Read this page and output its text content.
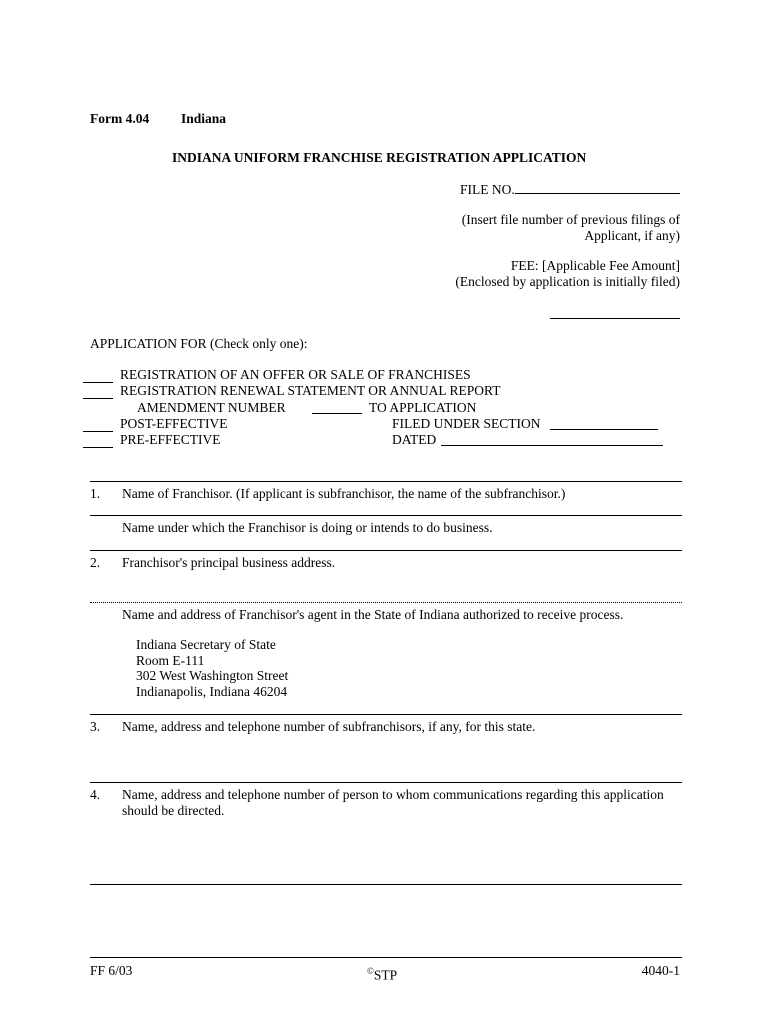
Form 4.04 Indiana
INDIANA UNIFORM FRANCHISE REGISTRATION APPLICATION
FILE NO.
(Insert file number of previous filings of
Applicant, if any)
FEE: [Applicable Fee Amount]
(Enclosed by application is initially filed)
APPLICATION FOR (Check only one):
REGISTRATION OF AN OFFER OR SALE OF FRANCHISES
REGISTRATION RENEWAL STATEMENT OR ANNUAL REPORT
AMENDMENT NUMBER	TO APPLICATION
POST-EFFECTIVE	FILED UNDER SECTION
PRE-EFFECTIVE	DATED
1. Name of Franchisor. (If applicant is subfranchisor, the name of the subfranchisor.)
Name under which the Franchisor is doing or intends to do business.
2. Franchisor's principal business address.
Name and address of Franchisor's agent in the State of Indiana authorized to receive process.
Indiana Secretary of State
Room E-111
302 West Washington Street
Indianapolis, Indiana 46204
3. Name, address and telephone number of subfranchisors, if any, for this state.
4. Name, address and telephone number of person to whom communications regarding this application
should be directed.
FF 6/03	©STP	4040-1
